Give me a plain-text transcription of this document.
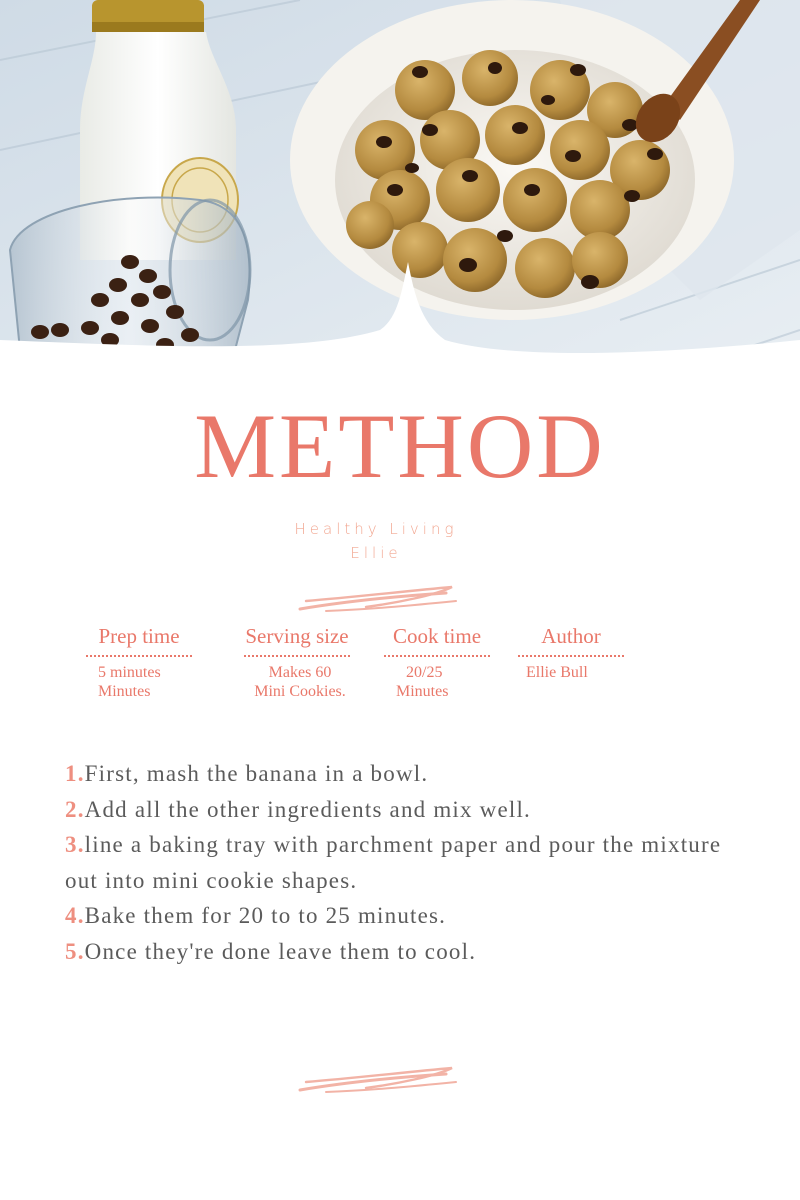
METHOD
Healthy Living
Ellie
Prep time
5 minutes
Minutes
Serving size
Makes 60
Mini Cookies.
Cook time
20/25
Minutes
Author
Ellie Bull

1.First, mash the banana in a bowl.

2.Add all the other ingredients and mix well.

3.line a baking tray with parchment paper and pour the mixture out into mini cookie shapes.

4.Bake them for 20 to to 25 minutes.

5.Once they're done leave them to cool.
